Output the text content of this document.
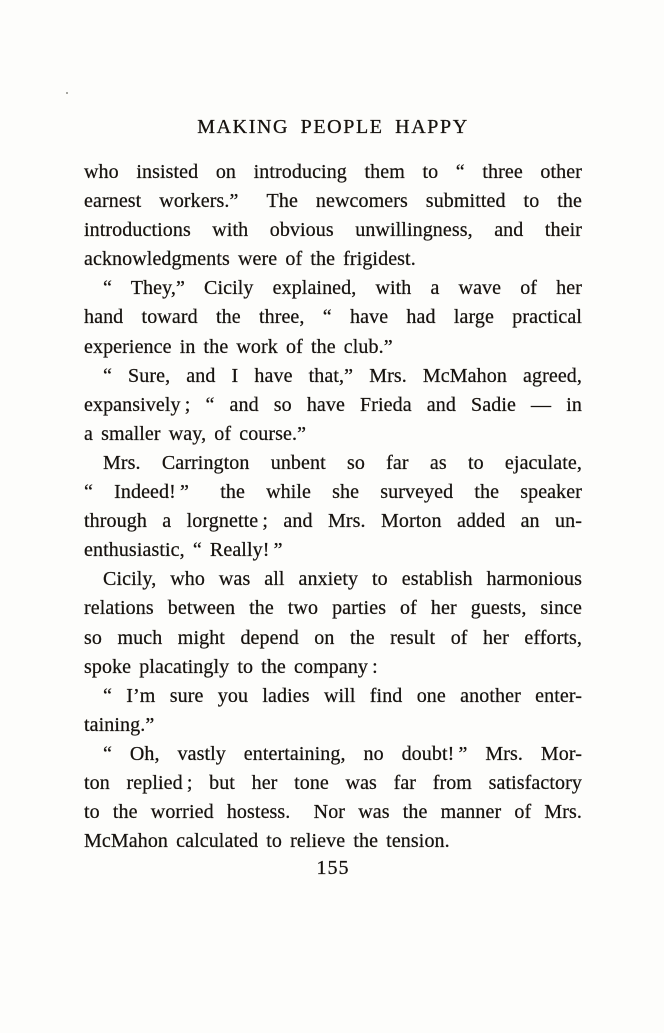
MAKING PEOPLE HAPPY
who insisted on introducing them to “ three other
earnest workers.”  The newcomers submitted to the
introductions with obvious unwillingness, and their
acknowledgments were of the frigidest.
“ They,” Cicily explained, with a wave of her
hand toward the three, “ have had large practical
experience in the work of the club.”
“ Sure, and I have that,” Mrs. McMahon agreed,
expansively ; “ and so have Frieda and Sadie — in
a smaller way, of course.”
Mrs. Carrington unbent so far as to ejaculate,
“ Indeed! ”  the while she surveyed the speaker
through a lorgnette ; and Mrs. Morton added an un-
enthusiastic, “ Really! ”
Cicily, who was all anxiety to establish harmonious
relations between the two parties of her guests, since
so much might depend on the result of her efforts,
spoke placatingly to the company :
“ I’m sure you ladies will find one another enter-
taining.”
“ Oh, vastly entertaining, no doubt! ” Mrs. Mor-
ton replied ; but her tone was far from satisfactory
to the worried hostess.  Nor was the manner of Mrs.
McMahon calculated to relieve the tension.
155
